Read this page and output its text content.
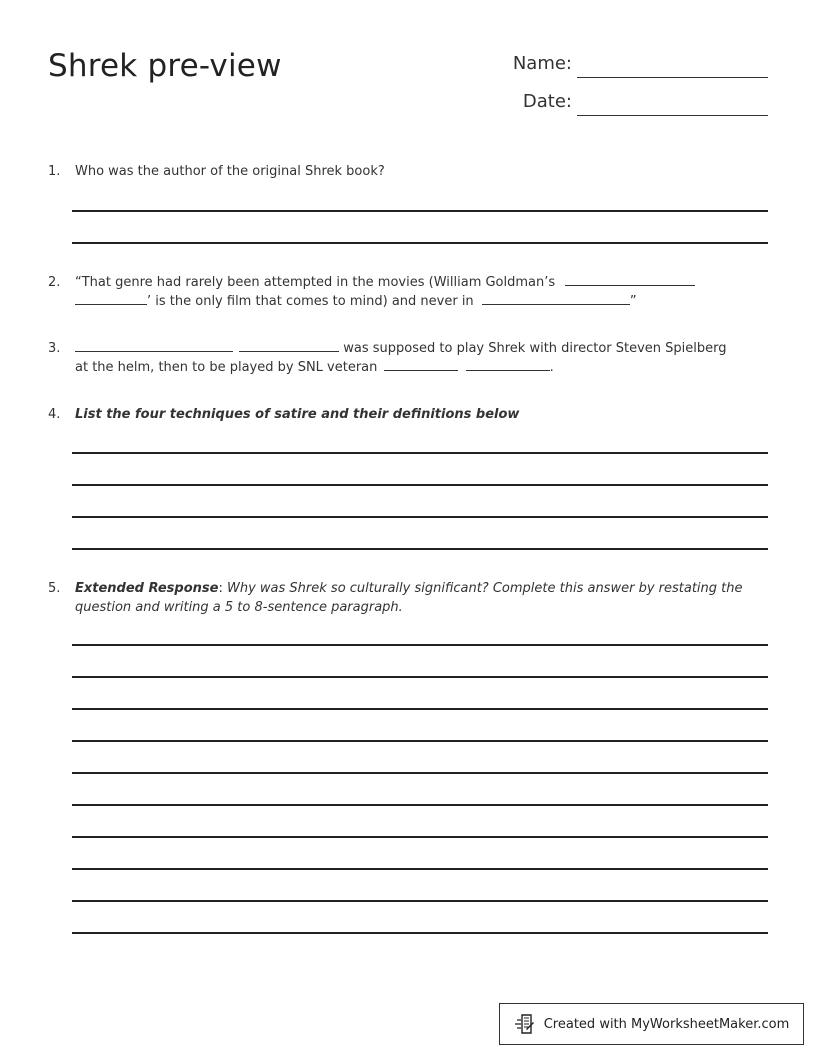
Shrek pre-view	Name:
Date:
1.	Who was the author of the original Shrek book?
2.	“That genre had rarely been attempted in the movies (William Goldman’s
’ is the only film that comes to mind) and never in	”
3.	was supposed to play Shrek with director Steven Spielberg
at the helm, then to be played by SNL veteran	.
4.	List the four techniques of satire and their definitions below
5.	Extended Response: Why was Shrek so culturally significant? Complete this answer by restating the question and writing a 5 to 8-sentence paragraph.
Created with MyWorksheetMaker.com
